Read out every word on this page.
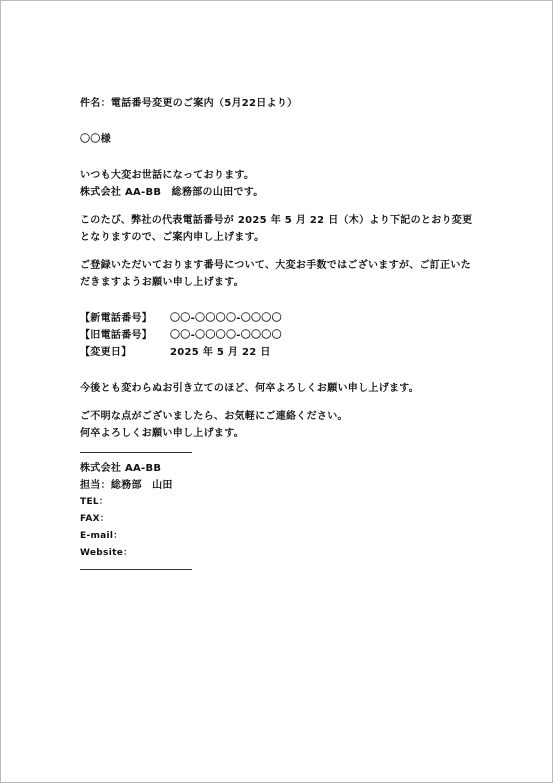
件名：電話番号変更のご案内（5月22日より）
〇〇様
いつも大変お世話になっております。
株式会社 AA-BB　総務部の山田です。
このたび、弊社の代表電話番号が 2025 年 5 月 22 日（木）より下記のとおり変更となりますので、ご案内申し上げます。
ご登録いただいております番号について、大変お手数ではございますが、ご訂正いただきますようお願い申し上げます。
【新電話番号】	〇〇-〇〇〇〇-〇〇〇〇
【旧電話番号】	〇〇-〇〇〇〇-〇〇〇〇
【変更日】	2025 年 5 月 22 日
今後とも変わらぬお引き立てのほど、何卒よろしくお願い申し上げます。
ご不明な点がございましたら、お気軽にご連絡ください。
何卒よろしくお願い申し上げます。
株式会社 AA-BB
担当：総務部　山田
TEL：
FAX：
E-mail：
Website：
